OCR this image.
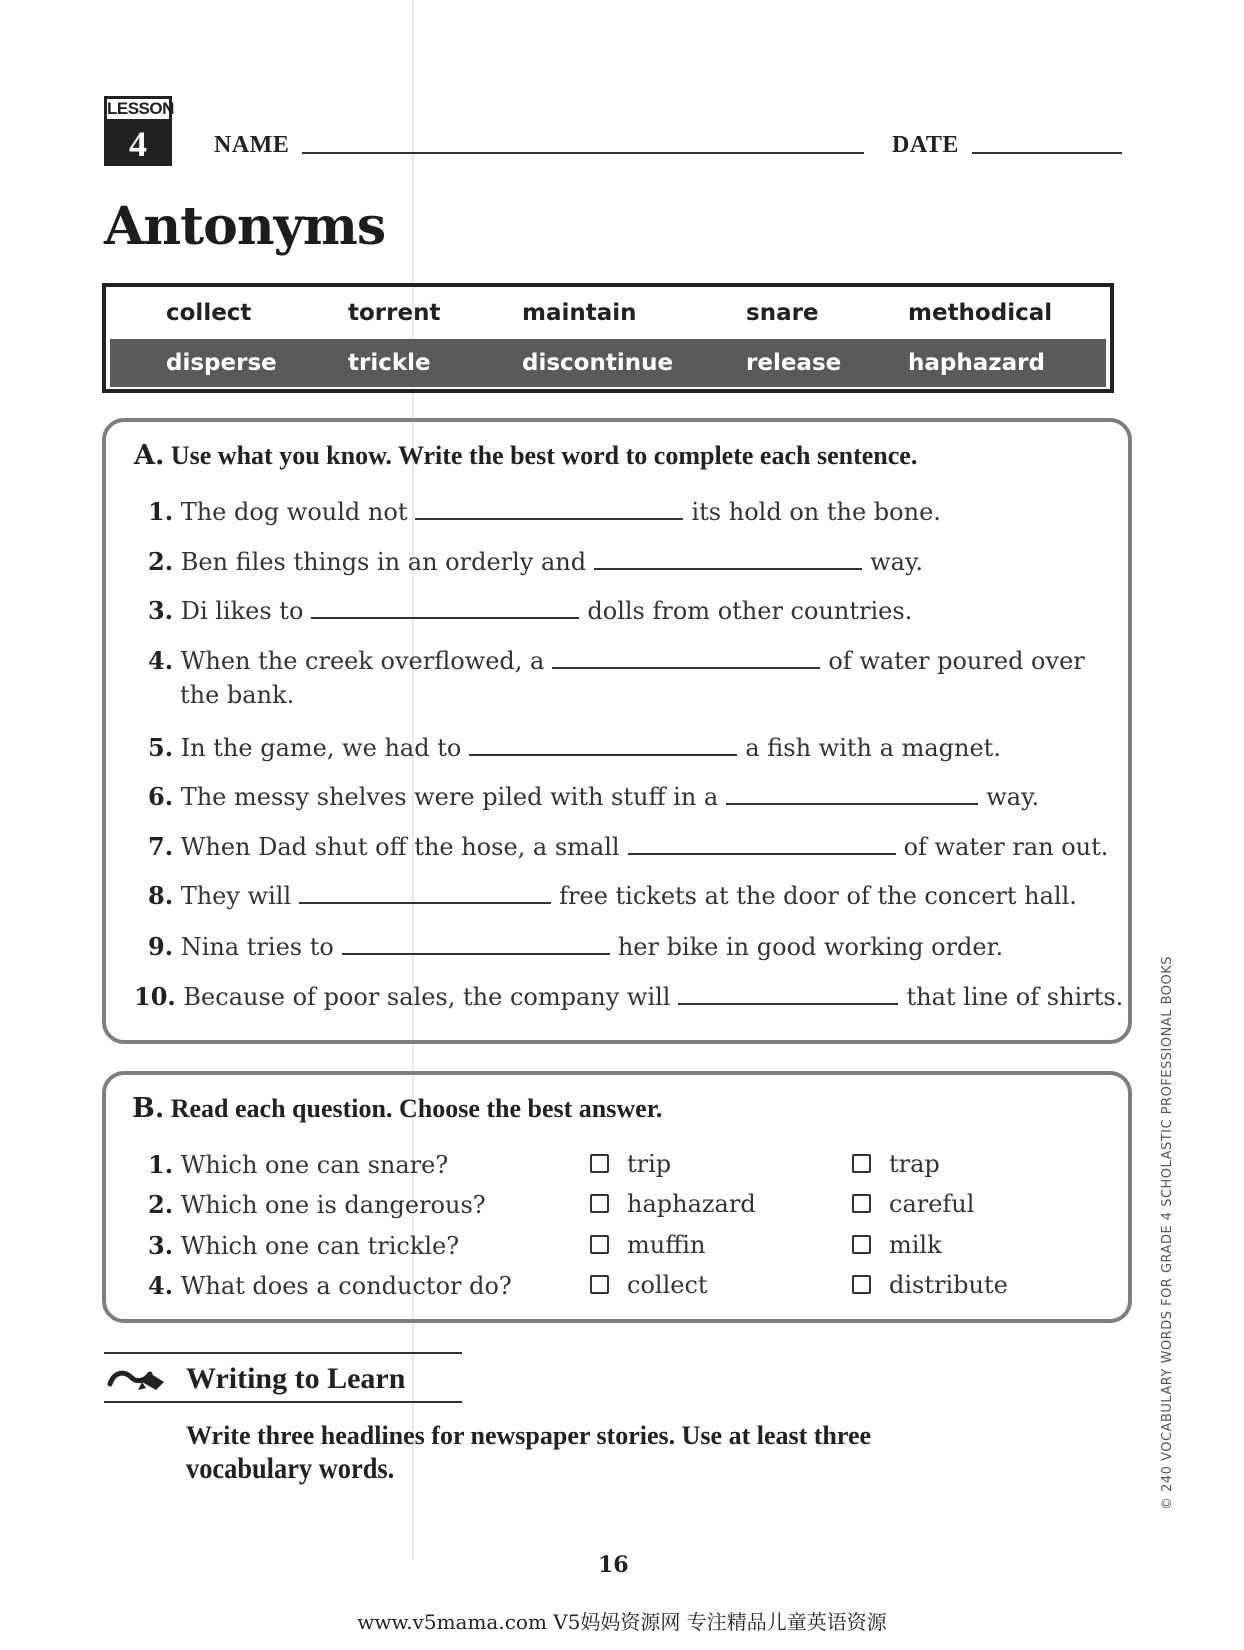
LESSON
4	NAME	DATE
Antonyms
collect	torrent	maintain	snare	methodical
disperse	trickle	discontinue	release	haphazard
A. Use what you know. Write the best word to complete each sentence.
1. The dog would not	its hold on the bone.
2. Ben files things in an orderly and	way.
3. Di likes to	dolls from other countries.
4. When the creek overflowed, a	of water poured over
the bank.
5. In the game, we had to	a fish with a magnet.
6. The messy shelves were piled with stuff in a	way.
7. When Dad shut off the hose, a small	of water ran out.
8. They will	free tickets at the door of the concert hall.
9. Nina tries to	her bike in good working order.
10. Because of poor sales, the company will	that line of shirts.
B. Read each question. Choose the best answer.
1. Which one can snare?	trip	trap
2. Which one is dangerous?	haphazard	careful
3. Which one can trickle?	muffin	milk
4. What does a conductor do?	collect	distribute
Writing to Learn
Write three headlines for newspaper stories. Use at least three
vocabulary words.	© 240 VOCABULARY WORDS FOR GRADE 4 SCHOLASTIC PROFESSIONAL BOOKS
16
www.v5mama.com V5妈妈资源网 专注精品儿童英语资源
